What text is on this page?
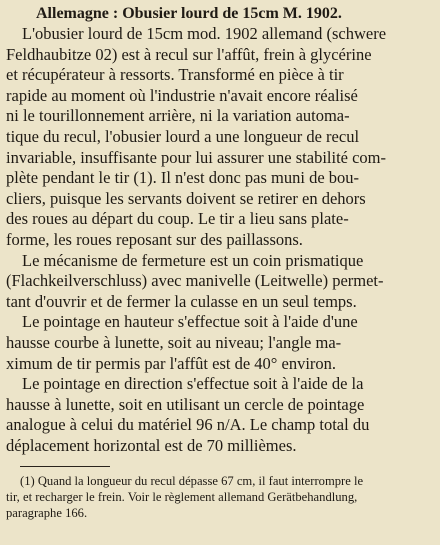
Allemagne : Obusier lourd de 15cm M. 1902.
L'obusier lourd de 15cm mod. 1902 allemand (schwere
Feldhaubitze 02) est à recul sur l'affût, frein à glycérine
et récupérateur à ressorts. Transformé en pièce à tir
rapide au moment où l'industrie n'avait encore réalisé
ni le tourillonnement arrière, ni la variation automa-
tique du recul, l'obusier lourd a une longueur de recul
invariable, insuffisante pour lui assurer une stabilité com-
plète pendant le tir (1). Il n'est donc pas muni de bou-
cliers, puisque les servants doivent se retirer en dehors
des roues au départ du coup. Le tir a lieu sans plate-
forme, les roues reposant sur des paillassons.
Le mécanisme de fermeture est un coin prismatique
(Flachkeilverschluss) avec manivelle (Leitwelle) permet-
tant d'ouvrir et de fermer la culasse en un seul temps.
Le pointage en hauteur s'effectue soit à l'aide d'une
hausse courbe à lunette, soit au niveau; l'angle ma-
ximum de tir permis par l'affût est de 40° environ.
Le pointage en direction s'effectue soit à l'aide de la
hausse à lunette, soit en utilisant un cercle de pointage
analogue à celui du matériel 96 n/A. Le champ total du
déplacement horizontal est de 70 millièmes.
(1) Quand la longueur du recul dépasse 67 cm, il faut interrompre le
tir, et recharger le frein. Voir le règlement allemand Gerätbehandlung,
paragraphe 166.
